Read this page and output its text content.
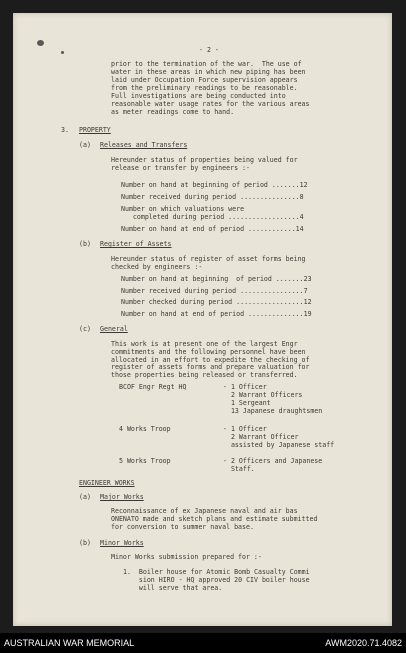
- 2 -
prior to the termination of the war.  The use of
water in these areas in which new piping has been
laid under Occupation Force supervision appears
from the preliminary readings to be reasonable.
Full investigations are being conducted into
reasonable water usage rates for the various areas
as meter readings come to hand.
3. PROPERTY
(a) Releases and Transfers
Hereunder status of properties being valued for
release or transfer by engineers :-
Number on hand at beginning of period .......12
Number received during period ...............8
Number on which valuations were
completed during period ..................4
Number on hand at end of period ............14
(b) Register of Assets
Hereunder status of register of asset forms being
checked by engineers :-
Number on hand at beginning  of period .......23
Number received during period ................7
Number checked during period .................12
Number on hand at end of period ..............19
(c) General
This work is at present one of the largest Engr
commitments and the following personnel have been
allocated in an effort to expedite the checking of
register of assets forms and prepare valuation for
those properties being released or transferred.
BCOF Engr Regt HQ	- 1 Officer
2 Warrant Officers
1 Sergeant
13 Japanese draughtsmen
4 Works Troop	- 1 Officer
2 Warrant Officer
assisted by Japanese staff
5 Works Troop	- 2 Officers and Japanese
Staff.
ENGINEER WORKS
(a) Major Works
Reconnaissance of ex Japanese naval and air bas
ONENATO made and sketch plans and estimate submitted
for conversion to summer naval base.
(b) Minor Works
Minor Works submission prepared for :-
1.  Boiler house for Atomic Bomb Casualty Commi
sion HIRO - HQ approved 20 CIV boiler house
will serve that area.
AUSTRALIAN WAR MEMORIAL	AWM2020.71.4082
